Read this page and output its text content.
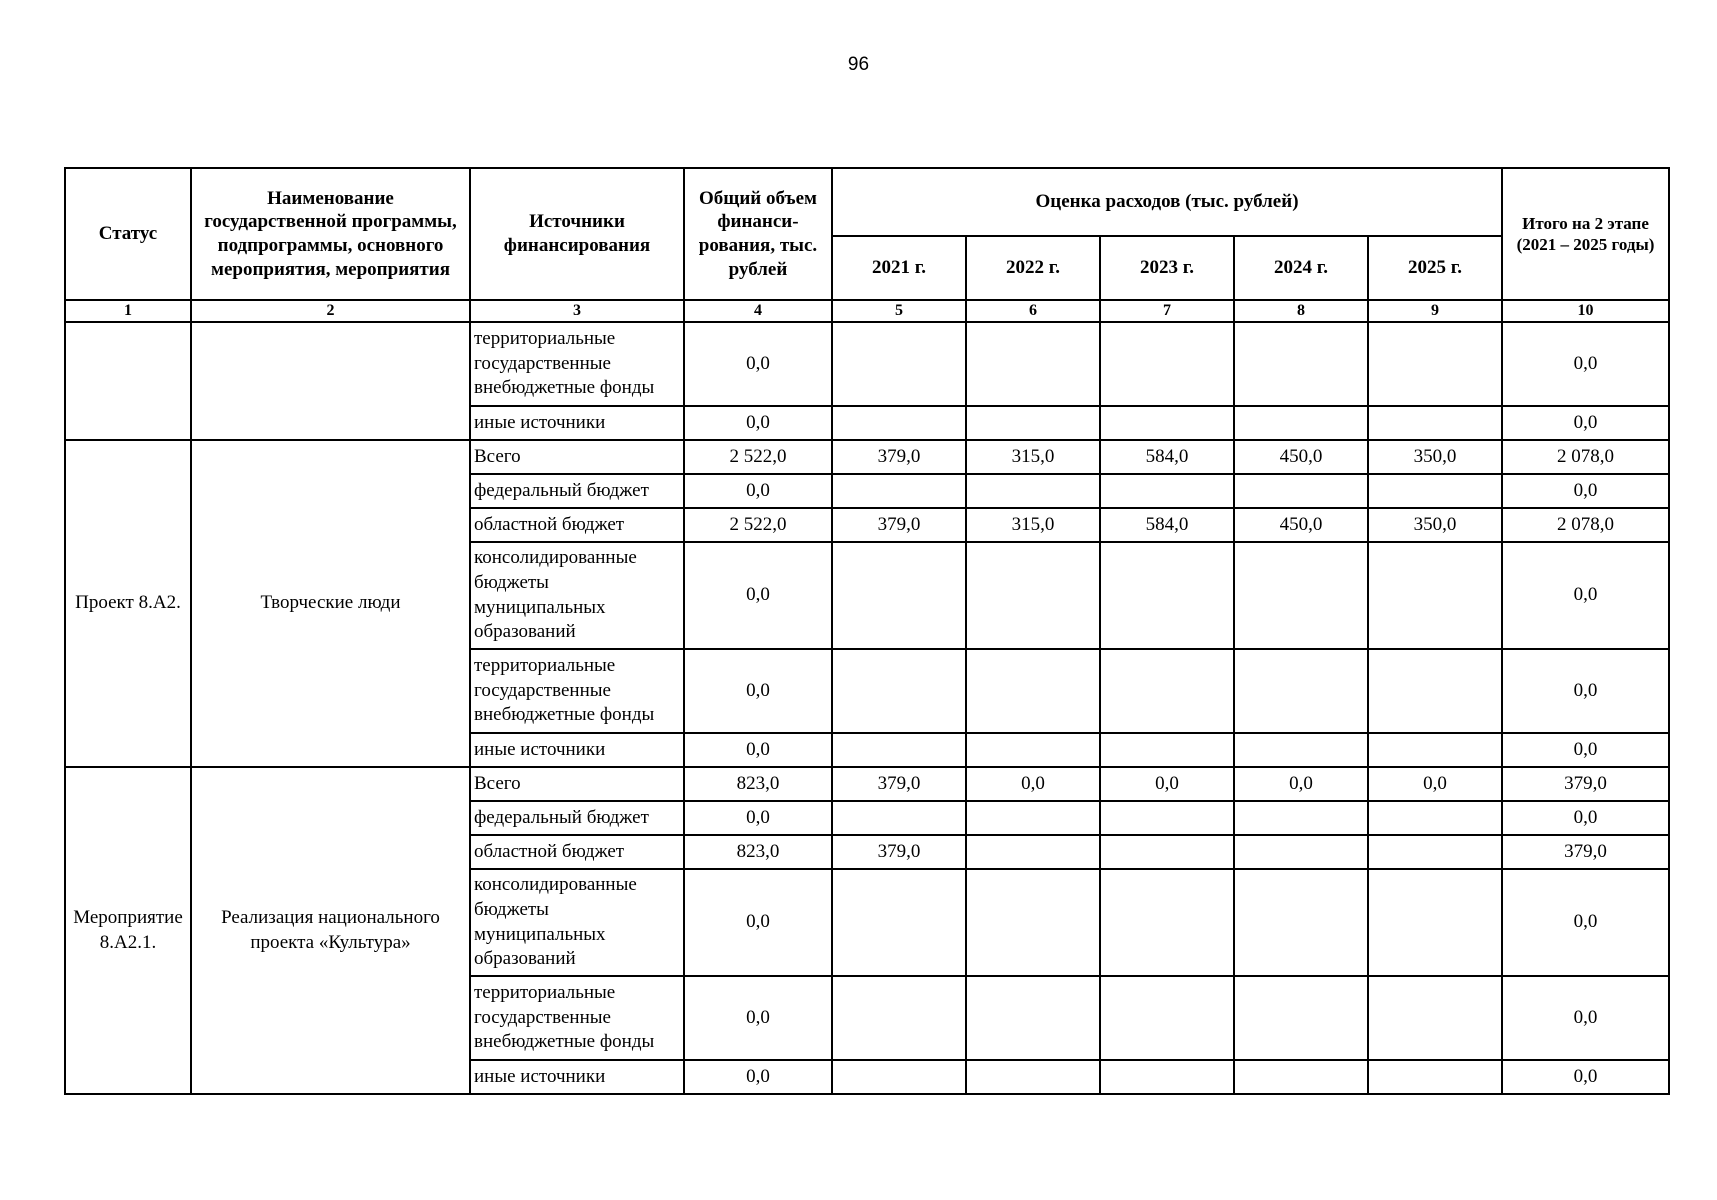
96
Статус	Наименование государственной программы, подпрограммы, основного мероприятия, мероприятия	Источники финансирования	Общий объем финанси-рования, тыс. рублей	Оценка расходов (тыс. рублей)					Итого на 2 этапе (2021 – 2025 годы)
				2021 г.	2022 г.	2023 г.	2024 г.	2025 г.	
1	2	3	4	5	6	7	8	9	10
		территориальные государственные внебюджетные фонды	0,0						0,0
		иные источники	0,0						0,0
Проект 8.А2.	Творческие люди	Всего	2 522,0	379,0	315,0	584,0	450,0	350,0	2 078,0
		федеральный бюджет	0,0						0,0
		областной бюджет	2 522,0	379,0	315,0	584,0	450,0	350,0	2 078,0
		консолидированные бюджеты муниципальных образований	0,0						0,0
		территориальные государственные внебюджетные фонды	0,0						0,0
		иные источники	0,0						0,0
Мероприятие 8.А2.1.	Реализация национального проекта «Культура»	Всего	823,0	379,0	0,0	0,0	0,0	0,0	379,0
		федеральный бюджет	0,0						0,0
		областной бюджет	823,0	379,0					379,0
		консолидированные бюджеты муниципальных образований	0,0						0,0
		территориальные государственные внебюджетные фонды	0,0						0,0
		иные источники	0,0						0,0
